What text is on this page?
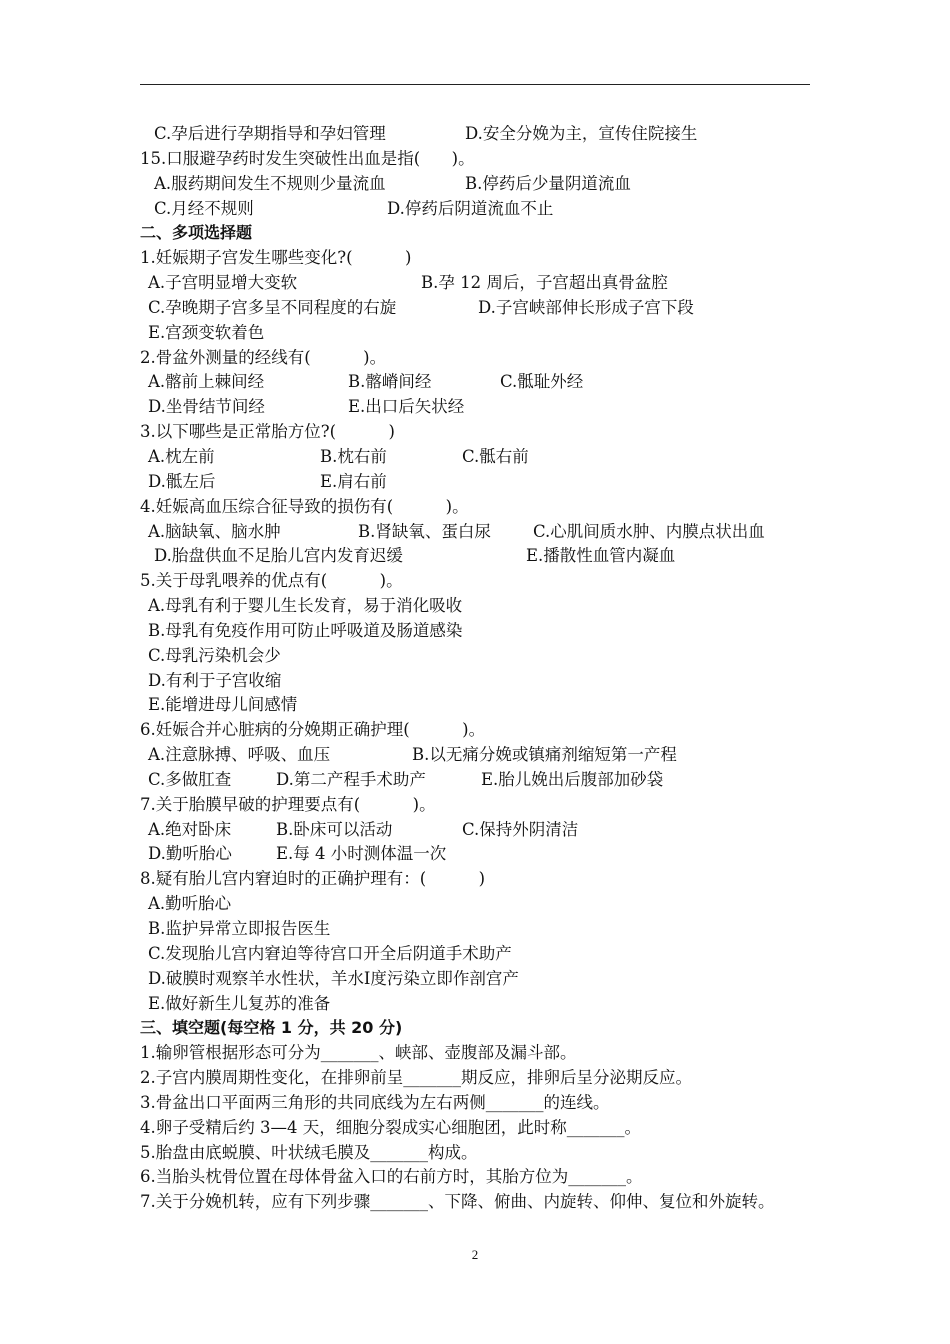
C.孕后进行孕期指导和孕妇管理	D.安全分娩为主，宣传住院接生
15.口服避孕药时发生突破性出血是指(      )。
A.服药期间发生不规则少量流血	B.停药后少量阴道流血
C.月经不规则	D.停药后阴道流血不止
二、多项选择题
1.妊娠期子宫发生哪些变化?(          )
A.子宫明显增大变软	B.孕 12 周后，子宫超出真骨盆腔
C.孕晚期子宫多呈不同程度的右旋	D.子宫峡部伸长形成子宫下段
E.宫颈变软着色
2.骨盆外测量的经线有(          )。
A.髂前上棘间经	B.髂嵴间经	C.骶耻外经
D.坐骨结节间经	E.出口后矢状经
3.以下哪些是正常胎方位?(          )
A.枕左前	B.枕右前	C.骶右前
D.骶左后	E.肩右前
4.妊娠高血压综合征导致的损伤有(          )。
A.脑缺氧、脑水肿	B.肾缺氧、蛋白尿	C.心肌间质水肿、内膜点状出血
D.胎盘供血不足胎儿宫内发育迟缓	E.播散性血管内凝血
5.关于母乳喂养的优点有(          )。
A.母乳有利于婴儿生长发育，易于消化吸收
B.母乳有免疫作用可防止呼吸道及肠道感染
C.母乳污染机会少
D.有利于子宫收缩
E.能增进母儿间感情
6.妊娠合并心脏病的分娩期正确护理(          )。
A.注意脉搏、呼吸、血压	B.以无痛分娩或镇痛剂缩短第一产程
C.多做肛查	D.第二产程手术助产	E.胎儿娩出后腹部加砂袋
7.关于胎膜早破的护理要点有(          )。
A.绝对卧床	B.卧床可以活动	C.保持外阴清洁
D.勤听胎心	E.每 4 小时测体温一次
8.疑有胎儿宫内窘迫时的正确护理有：(          )
A.勤听胎心
B.监护异常立即报告医生
C.发现胎儿宫内窘迫等待宫口开全后阴道手术助产
D.破膜时观察羊水性状，羊水Ⅰ度污染立即作剖宫产
E.做好新生儿复苏的准备
三、填空题(每空格 1 分，共 20 分)
1.输卵管根据形态可分为_______、峡部、壶腹部及漏斗部。
2.子宫内膜周期性变化，在排卵前呈_______期反应，排卵后呈分泌期反应。
3.骨盆出口平面两三角形的共同底线为左右两侧_______的连线。
4.卵子受精后约 3—4 天，细胞分裂成实心细胞团，此时称_______。
5.胎盘由底蜕膜、叶状绒毛膜及_______构成。
6.当胎头枕骨位置在母体骨盆入口的右前方时，其胎方位为_______。
7.关于分娩机转，应有下列步骤_______、下降、俯曲、内旋转、仰伸、复位和外旋转。
2
